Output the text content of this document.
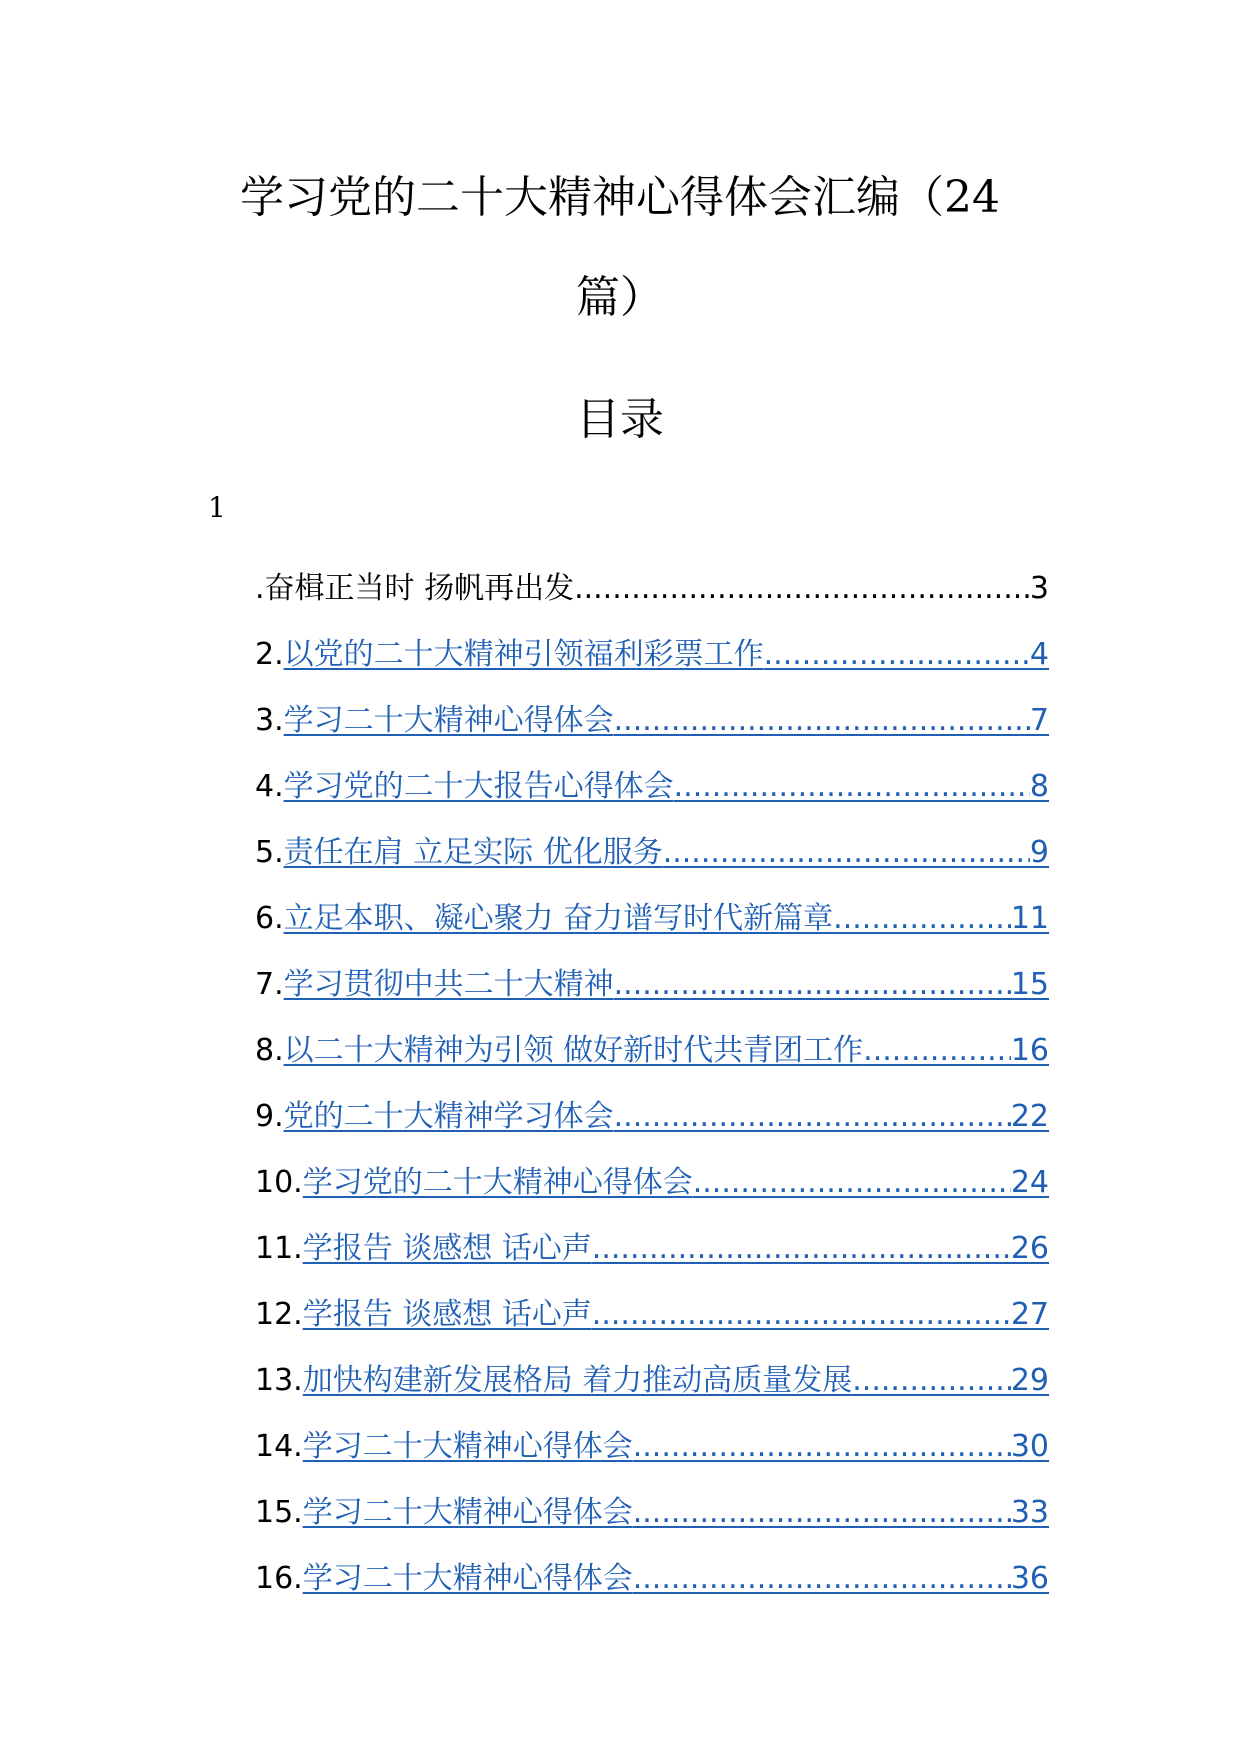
学习党的二十大精神心得体会汇编（24
篇）
目录
1
.奋楫正当时 扬帆再出发 .....	3
2. 以党的二十大精神引领福利彩票工作 .....	4
3. 学习二十大精神心得体会 .....	7
4. 学习党的二十大报告心得体会 .....	8
5. 责任在肩 立足实际 优化服务 .....	9
6. 立足本职、凝心聚力 奋力谱写时代新篇章 .....	11
7. 学习贯彻中共二十大精神 .....	15
8. 以二十大精神为引领 做好新时代共青团工作 .....	16
9. 党的二十大精神学习体会 .....	22
10. 学习党的二十大精神心得体会 .....	24
11. 学报告 谈感想 话心声 .....	26
12. 学报告 谈感想 话心声 .....	27
13. 加快构建新发展格局 着力推动高质量发展 .....	29
14. 学习二十大精神心得体会 .....	30
15. 学习二十大精神心得体会 .....	33
16. 学习二十大精神心得体会 .....	36
